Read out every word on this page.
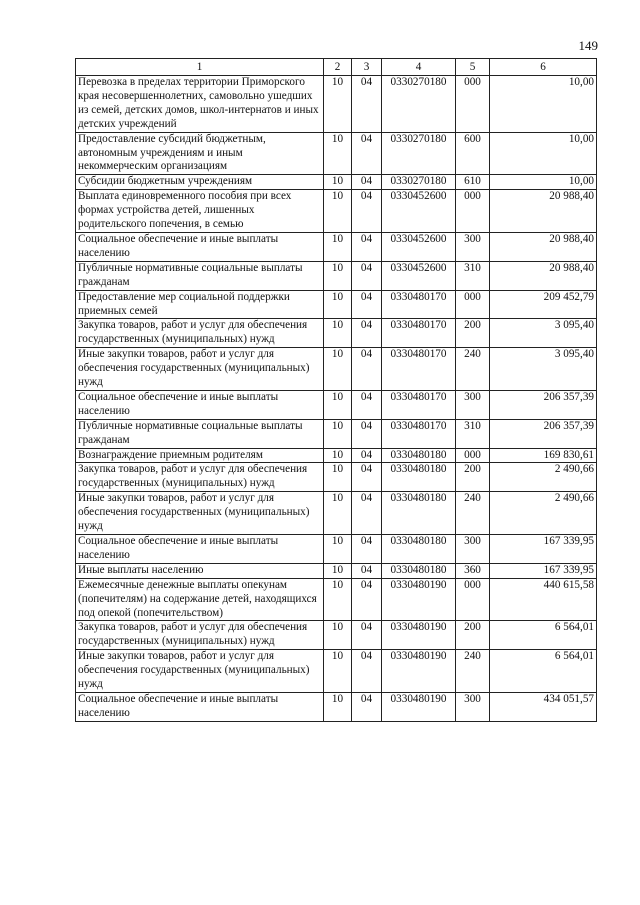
149
1	2	3	4	5	6
Перевозка в пределах территории Приморского края несовершеннолетних, самовольно ушедших из семей, детских домов, школ-интернатов и иных детских учреждений	10	04	0330270180	000	10,00
Предоставление субсидий бюджетным, автономным учреждениям и иным некоммерческим организациям	10	04	0330270180	600	10,00
Субсидии бюджетным учреждениям	10	04	0330270180	610	10,00
Выплата единовременного пособия при всех формах устройства детей, лишенных родительского попечения, в семью	10	04	0330452600	000	20 988,40
Социальное обеспечение и иные выплаты населению	10	04	0330452600	300	20 988,40
Публичные нормативные социальные выплаты гражданам	10	04	0330452600	310	20 988,40
Предоставление мер социальной поддержки приемных семей	10	04	0330480170	000	209 452,79
Закупка товаров, работ и услуг для обеспечения государственных (муниципальных) нужд	10	04	0330480170	200	3 095,40
Иные закупки товаров, работ и услуг для обеспечения государственных (муниципальных) нужд	10	04	0330480170	240	3 095,40
Социальное обеспечение и иные выплаты населению	10	04	0330480170	300	206 357,39
Публичные нормативные социальные выплаты гражданам	10	04	0330480170	310	206 357,39
Вознаграждение приемным родителям	10	04	0330480180	000	169 830,61
Закупка товаров, работ и услуг для обеспечения государственных (муниципальных) нужд	10	04	0330480180	200	2 490,66
Иные закупки товаров, работ и услуг для обеспечения государственных (муниципальных) нужд	10	04	0330480180	240	2 490,66
Социальное обеспечение и иные выплаты населению	10	04	0330480180	300	167 339,95
Иные выплаты населению	10	04	0330480180	360	167 339,95
Ежемесячные денежные выплаты опекунам (попечителям) на содержание детей, находящихся под опекой (попечительством)	10	04	0330480190	000	440 615,58
Закупка товаров, работ и услуг для обеспечения государственных (муниципальных) нужд	10	04	0330480190	200	6 564,01
Иные закупки товаров, работ и услуг для обеспечения государственных (муниципальных) нужд	10	04	0330480190	240	6 564,01
Социальное обеспечение и иные выплаты населению	10	04	0330480190	300	434 051,57
